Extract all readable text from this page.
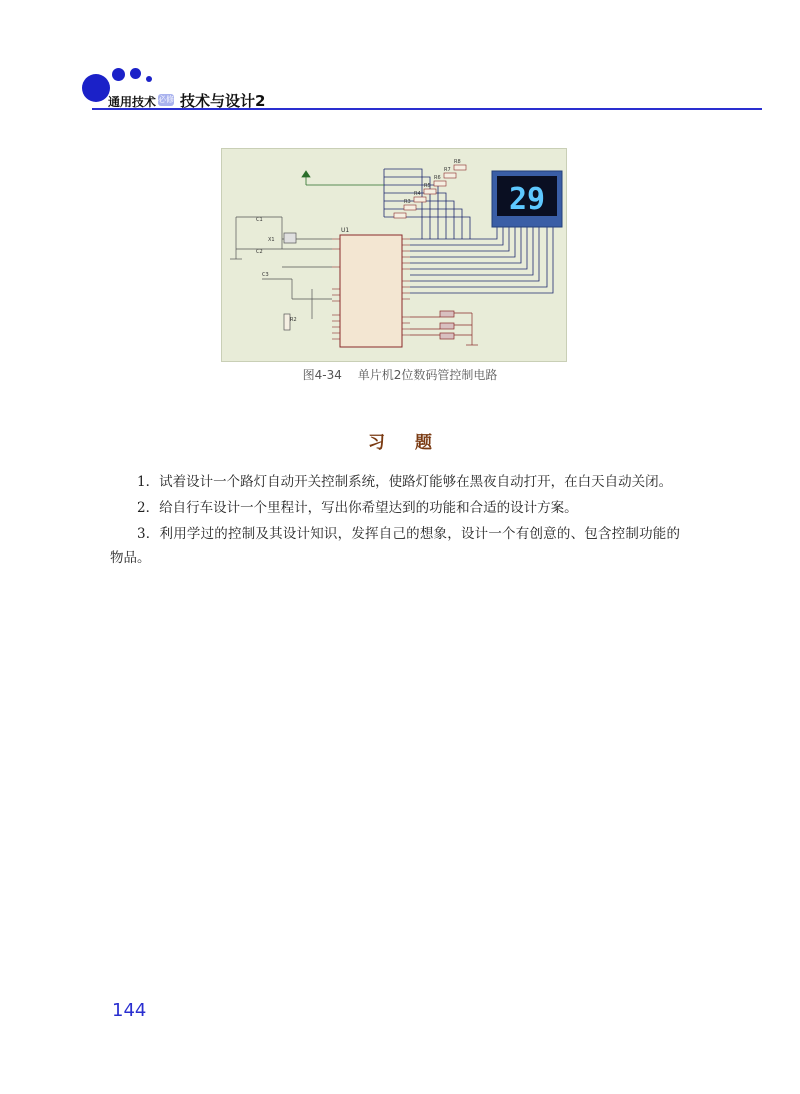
通用技术 必修 技术与设计2
U1
R8
R7
R6
R5
R4
R3	29
C1
C2
X1
C3
R2
图4-34 单片机2位数码管控制电路
习题

1．试着设计一个路灯自动开关控制系统，使路灯能够在黑夜自动打开，在白天自动关闭。

2．给自行车设计一个里程计，写出你希望达到的功能和合适的设计方案。

3．利用学过的控制及其设计知识，发挥自己的想象，设计一个有创意的、包含控制功能的物品。

144
